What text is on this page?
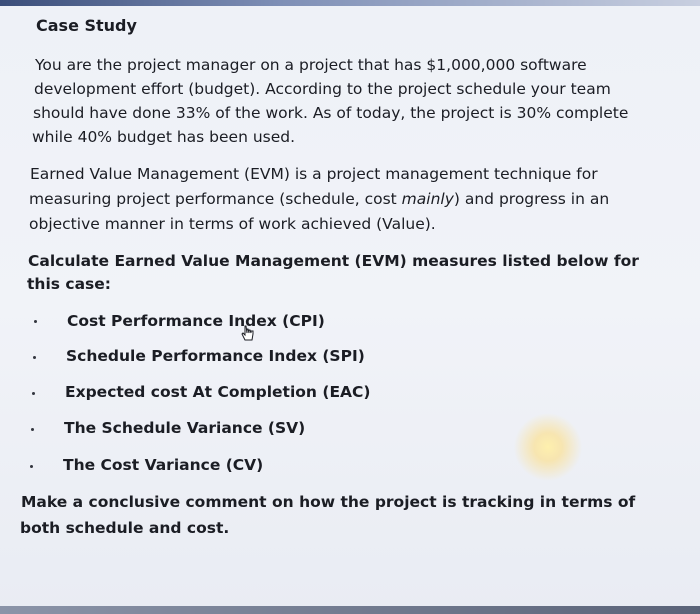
Case Study
You are the project manager on a project that has $1,000,000 software
development effort (budget). According to the project schedule your team
should have done 33% of the work. As of today, the project is 30% complete
while 40% budget has been used.
Earned Value Management (EVM) is a project management technique for
measuring project performance (schedule, cost mainly) and progress in an
objective manner in terms of work achieved (Value).
Calculate Earned Value Management (EVM) measures listed below for
this case:
Cost Performance Index (CPI)
Schedule Performance Index (SPI)
Expected cost At Completion (EAC)
The Schedule Variance (SV)
The Cost Variance (CV)
Make a conclusive comment on how the project is tracking in terms of
both schedule and cost.
